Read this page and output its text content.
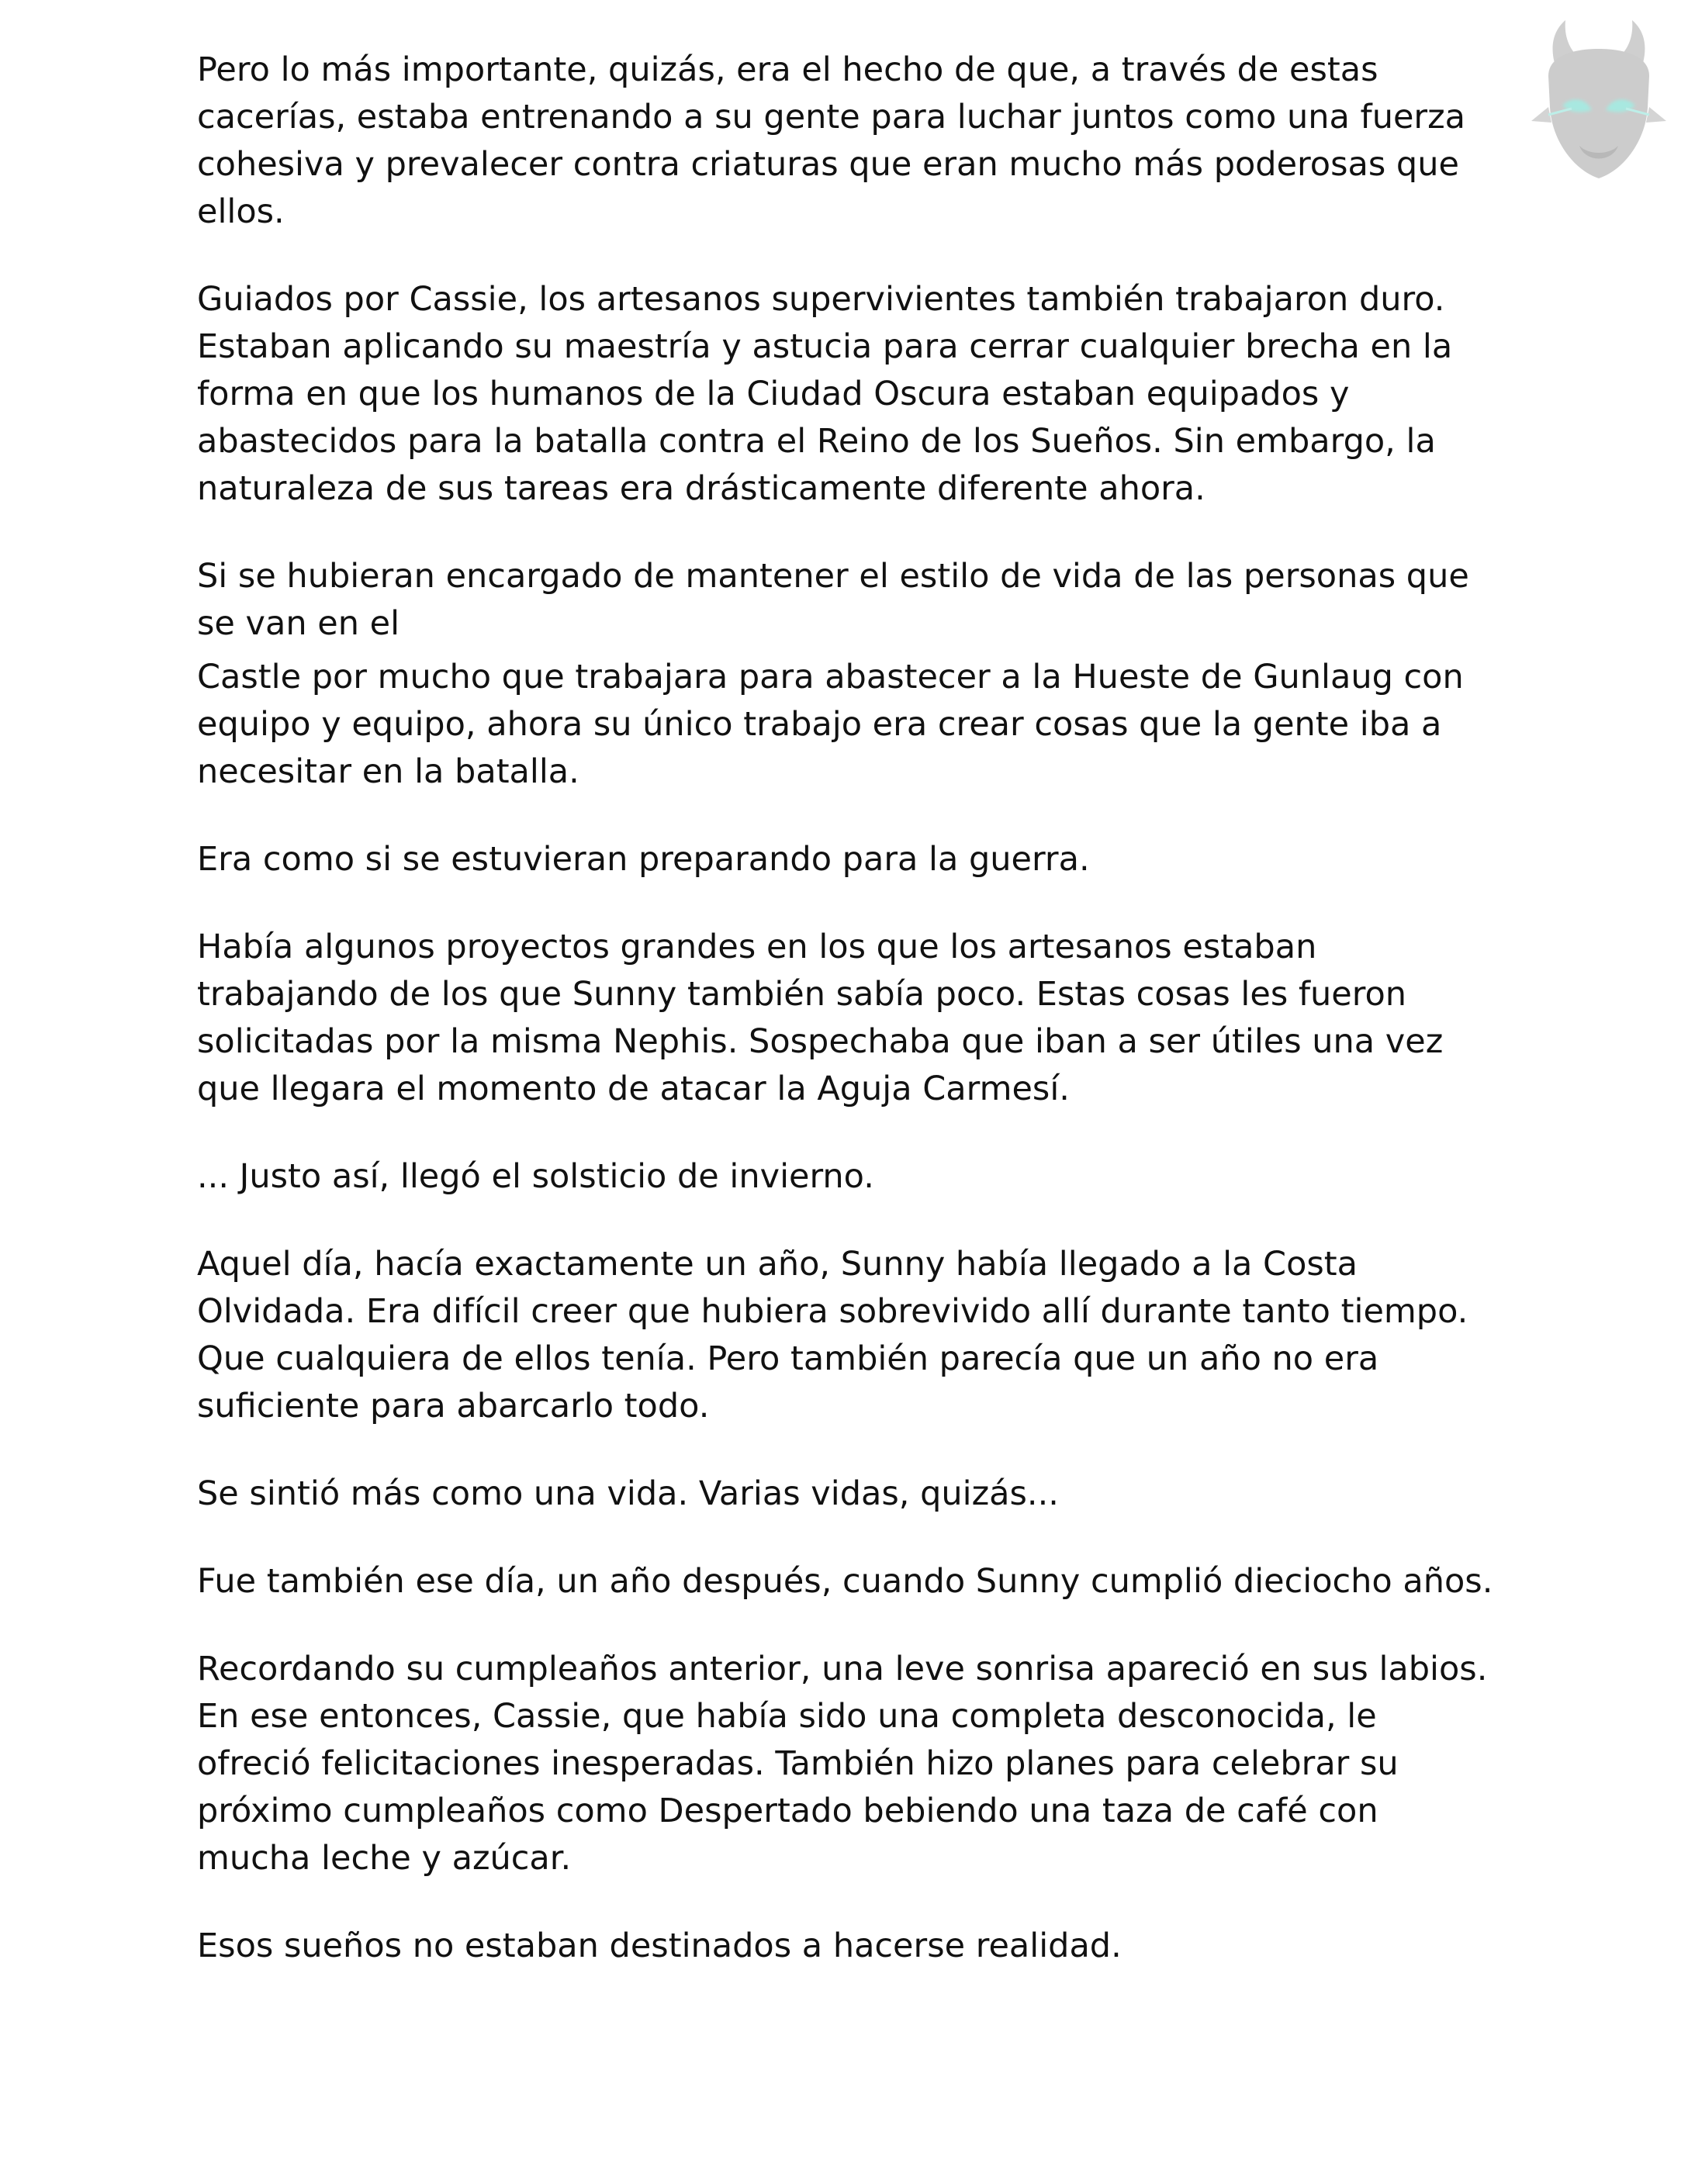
Pero lo más importante, quizás, era el hecho de que, a través de estas cacerías, estaba entrenando a su gente para luchar juntos como una fuerza cohesiva y prevalecer contra criaturas que eran mucho más poderosas que ellos.

Guiados por Cassie, los artesanos supervivientes también trabajaron duro. Estaban aplicando su maestría y astucia para cerrar cualquier brecha en la forma en que los humanos de la Ciudad Oscura estaban equipados y abastecidos para la batalla contra el Reino de los Sueños. Sin embargo, la naturaleza de sus tareas era drásticamente diferente ahora.

Si se hubieran encargado de mantener el estilo de vida de las personas que se van en el

Castle por mucho que trabajara para abastecer a la Hueste de Gunlaug con equipo y equipo, ahora su único trabajo era crear cosas que la gente iba a necesitar en la batalla.

Era como si se estuvieran preparando para la guerra.

Había algunos proyectos grandes en los que los artesanos estaban trabajando de los que Sunny también sabía poco. Estas cosas les fueron solicitadas por la misma Nephis. Sospechaba que iban a ser útiles una vez que llegara el momento de atacar la Aguja Carmesí.

... Justo así, llegó el solsticio de invierno.

Aquel día, hacía exactamente un año, Sunny había llegado a la Costa Olvidada. Era difícil creer que hubiera sobrevivido allí durante tanto tiempo. Que cualquiera de ellos tenía. Pero también parecía que un año no era suficiente para abarcarlo todo.

Se sintió más como una vida. Varias vidas, quizás...

Fue también ese día, un año después, cuando Sunny cumplió dieciocho años.

Recordando su cumpleaños anterior, una leve sonrisa apareció en sus labios. En ese entonces, Cassie, que había sido una completa desconocida, le ofreció felicitaciones inesperadas. También hizo planes para celebrar su próximo cumpleaños como Despertado bebiendo una taza de café con mucha leche y azúcar.

Esos sueños no estaban destinados a hacerse realidad.
